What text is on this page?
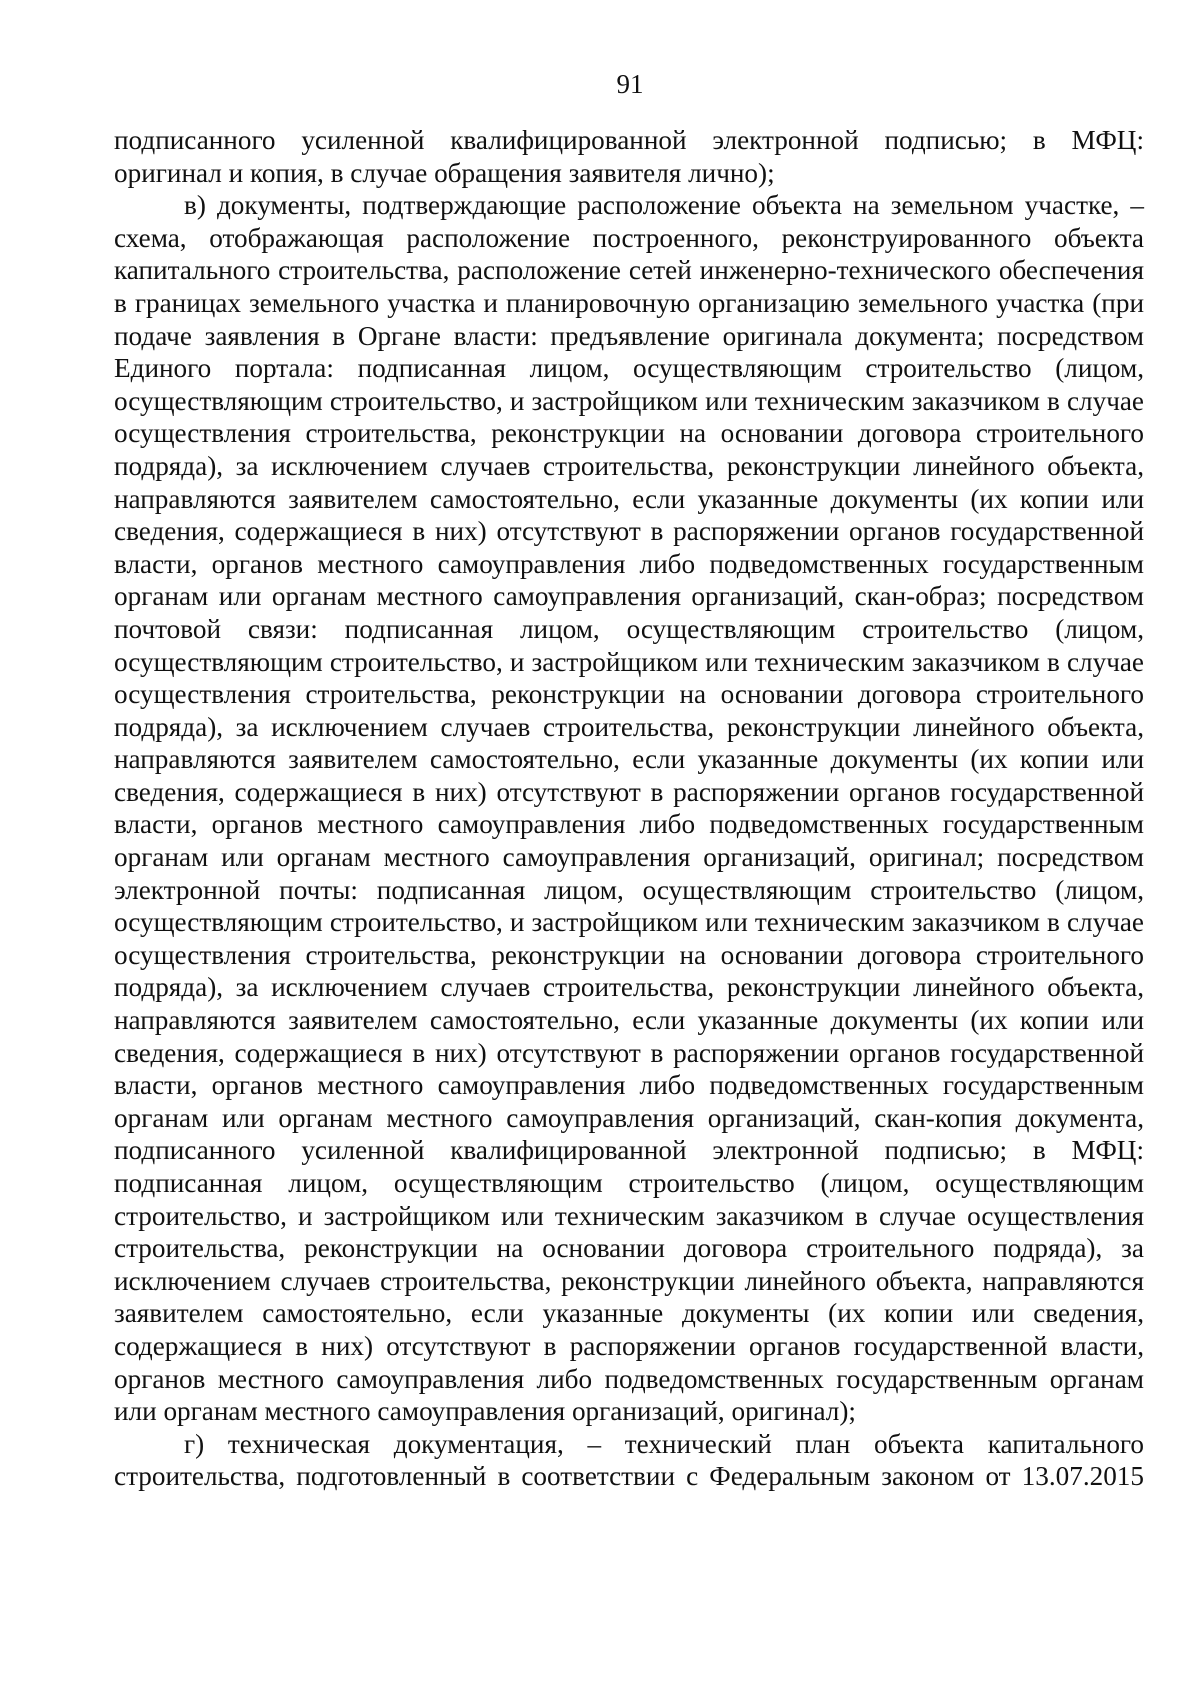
91

подписанного усиленной квалифицированной электронной подписью; в МФЦ: оригинал и копия, в случае обращения заявителя лично);

в) документы, подтверждающие расположение объекта на земельном участке, – схема, отображающая расположение построенного, реконструированного объекта капитального строительства, расположение сетей инженерно-технического обеспечения в границах земельного участка и планировочную организацию земельного участка (при подаче заявления в Органе власти: предъявление оригинала документа; посредством Единого портала: подписанная лицом, осуществляющим строительство (лицом, осуществляющим строительство, и застройщиком или техническим заказчиком в случае осуществления строительства, реконструкции на основании договора строительного подряда), за исключением случаев строительства, реконструкции линейного объекта, направляются заявителем самостоятельно, если указанные документы (их копии или сведения, содержащиеся в них) отсутствуют в распоряжении органов государственной власти, органов местного самоуправления либо подведомственных государственным органам или органам местного самоуправления организаций, скан-образ; посредством почтовой связи: подписанная лицом, осуществляющим строительство (лицом, осуществляющим строительство, и застройщиком или техническим заказчиком в случае осуществления строительства, реконструкции на основании договора строительного подряда), за исключением случаев строительства, реконструкции линейного объекта, направляются заявителем самостоятельно, если указанные документы (их копии или сведения, содержащиеся в них) отсутствуют в распоряжении органов государственной власти, органов местного самоуправления либо подведомственных государственным органам или органам местного самоуправления организаций, оригинал; посредством электронной почты: подписанная лицом, осуществляющим строительство (лицом, осуществляющим строительство, и застройщиком или техническим заказчиком в случае осуществления строительства, реконструкции на основании договора строительного подряда), за исключением случаев строительства, реконструкции линейного объекта, направляются заявителем самостоятельно, если указанные документы (их копии или сведения, содержащиеся в них) отсутствуют в распоряжении органов государственной власти, органов местного самоуправления либо подведомственных государственным органам или органам местного самоуправления организаций, скан-копия документа, подписанного усиленной квалифицированной электронной подписью; в МФЦ: подписанная лицом, осуществляющим строительство (лицом, осуществляющим строительство, и застройщиком или техническим заказчиком в случае осуществления строительства, реконструкции на основании договора строительного подряда), за исключением случаев строительства, реконструкции линейного объекта, направляются заявителем самостоятельно, если указанные документы (их копии или сведения, содержащиеся в них) отсутствуют в распоряжении органов государственной власти, органов местного самоуправления либо подведомственных государственным органам или органам местного самоуправления организаций, оригинал);

г) техническая документация, – технический план объекта капитального строительства, подготовленный в соответствии с Федеральным законом от 13.07.2015
